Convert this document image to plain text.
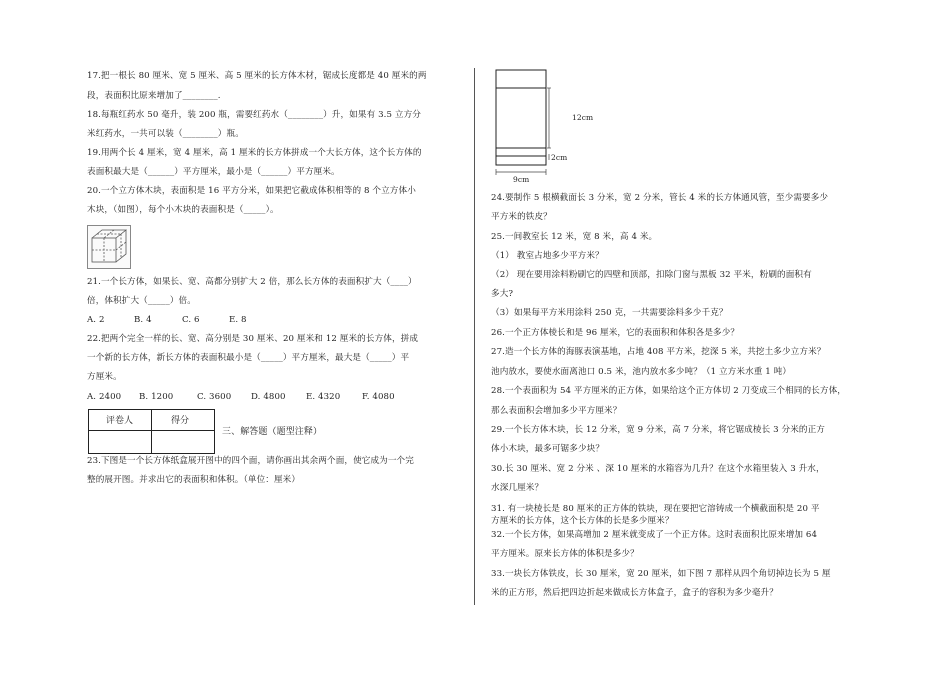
17.把一根长 80 厘米、宽 5 厘米、高 5 厘米的长方体木材，锯成长度都是 40 厘米的两
段，表面积比原来增加了________.
18.每瓶红药水 50 毫升，装 200 瓶，需要红药水（________）升，如果有 3.5 立方分
米红药水，一共可以装（________）瓶。
19.用两个长 4 厘米，宽 4 厘米，高 1 厘米的长方体拼成一个大长方体，这个长方体的
表面积最大是（______）平方厘米，最小是（______）平方厘米。
20.一个立方体木块，表面积是 16 平方分米，如果把它截成体积相等的 8 个立方体小
木块，（如图），每个小木块的表面积是（_____）。
21.一个长方体，如果长、宽、高都分别扩大 2 倍，那么长方体的表面积扩大（____）
倍，体积扩大（_____）倍。
A. 2	B. 4	C. 6	E. 8
22.把两个完全一样的长、宽、高分别是 30 厘米、20 厘米和 12 厘米的长方体，拼成
一个新的长方体，新长方体的表面积最小是（_____）平方厘米，最大是（_____）平
方厘米。
A. 2400 B. 1200	C. 3600 D. 4800 E. 4320	F. 4080
评卷人	得分
三、解答题（题型注释）
23.下图是一个长方体纸盒展开图中的四个面，请你画出其余两个面，使它成为一个完
整的展开图。并求出它的表面积和体积。（单位：厘米）
12cm
2cm
9cm
24.要制作 5 根横截面长 3 分米，宽 2 分米，管长 4 米的长方体通风管，至少需要多少
平方米的铁皮？
25.一间教室长 12 米，宽 8 米，高 4 米。
（1） 教室占地多少平方米？
（2） 现在要用涂料粉刷它的四壁和顶部，扣除门窗与黑板 32 平米，粉刷的面积有
多大?
（3）如果每平方米用涂料 250 克，一共需要涂料多少千克？
26.一个正方体棱长和是 96 厘米，它的表面积和体积各是多少？
27.造一个长方体的海豚表演基地，占地 408 平方米，挖深 5 米，共挖土多少立方米？
池内放水，要使水面离池口 0.5 米，池内放水多少吨？（1 立方米水重 1 吨）
28.一个表面积为 54 平方厘米的正方体，如果给这个正方体切 2 刀变成三个相同的长方体，
那么表面积会增加多少平方厘米？
29.一个长方体木块，长 12 分米，宽 9 分米，高 7 分米，将它锯成棱长 3 分米的正方
体小木块，最多可锯多少块？
30.长 30 厘米、宽 2 分米 、深 10 厘米的水箱容为几升？在这个水箱里装入 3 升水，
水深几厘米？
31. 有一块棱长是 80 厘米的正方体的铁块，现在要把它溶铸成一个横截面积是 20 平
方厘米的长方体，这个长方体的长是多少厘米？
32.一个长方体，如果高增加 2 厘米就变成了一个正方体。这时表面积比原来增加 64
平方厘米。原来长方体的体积是多少？
33.一块长方体铁皮，长 30 厘米，宽 20 厘米，如下图 7 那样从四个角切掉边长为 5 厘
米的正方形，然后把四边折起来做成长方体盒子，盒子的容积为多少毫升？
